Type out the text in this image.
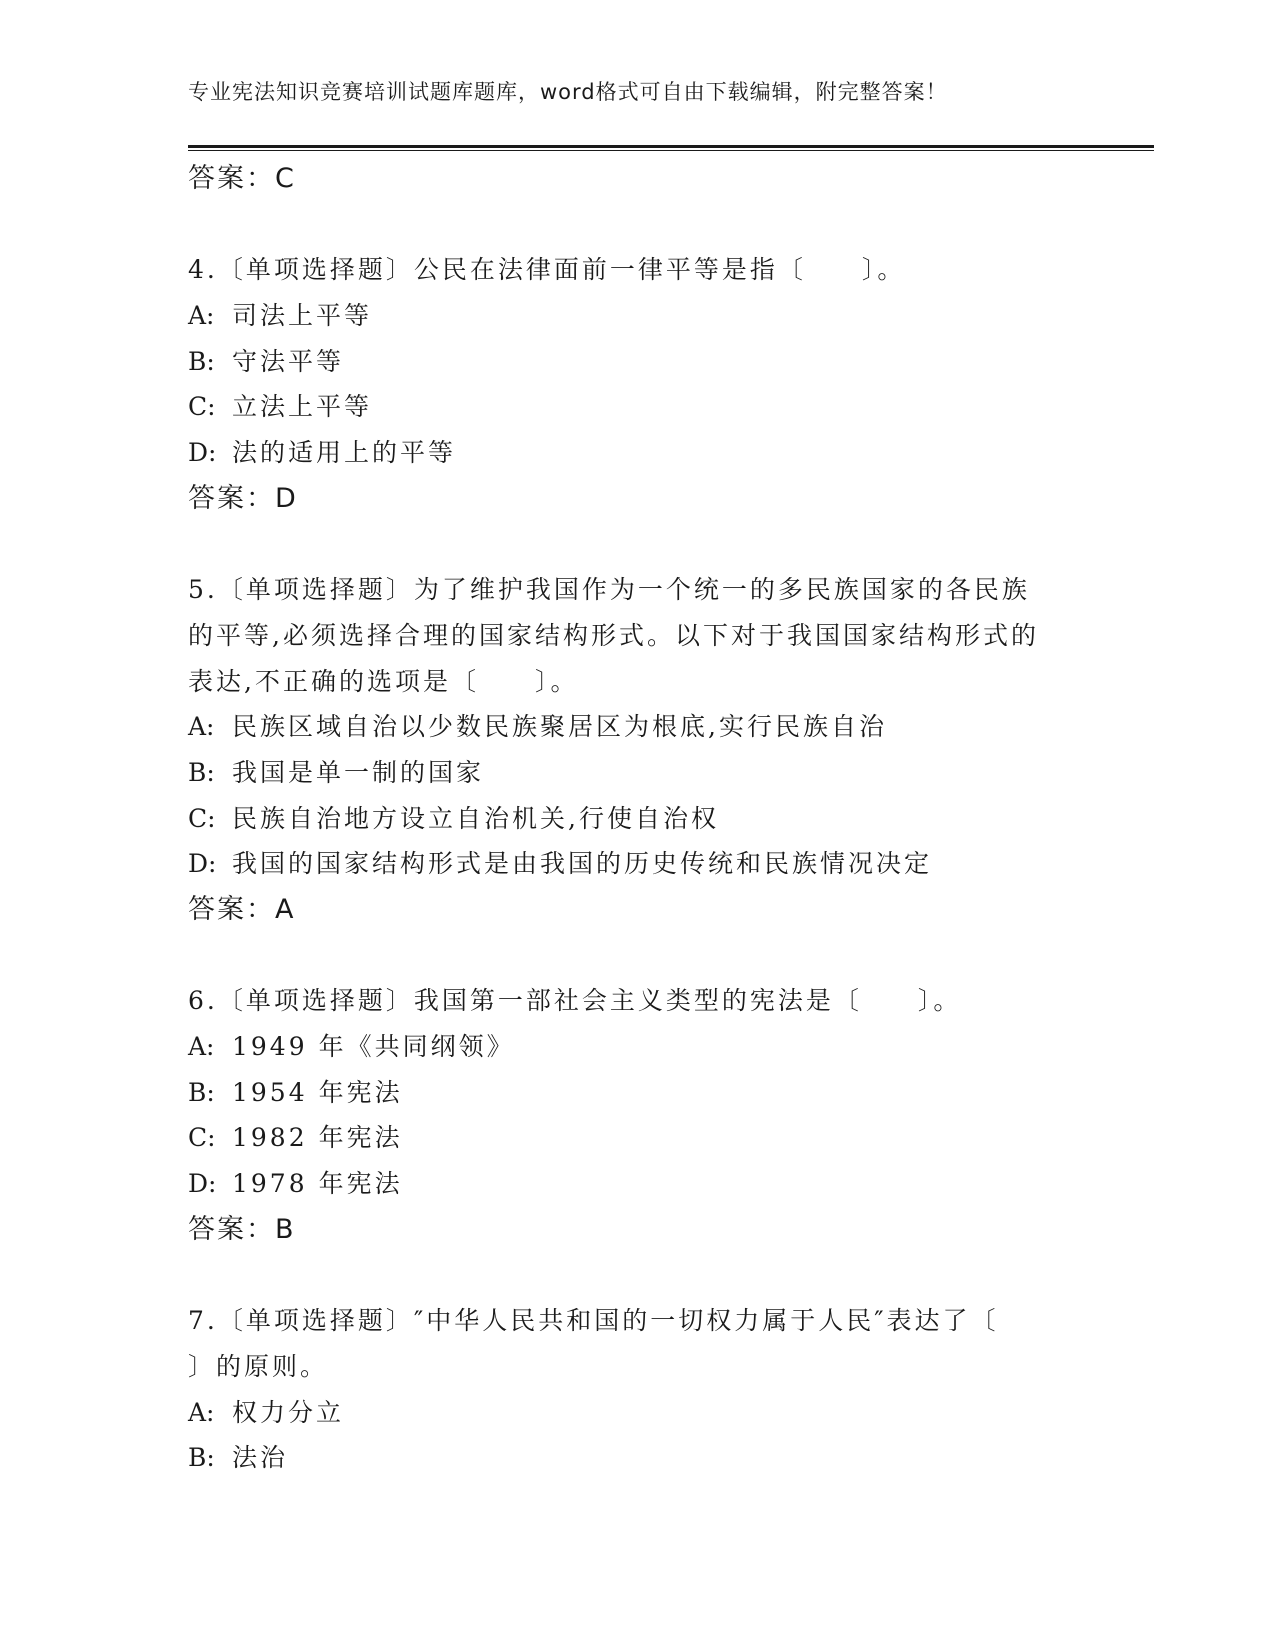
专业宪法知识竞赛培训试题库题库，word格式可自由下载编辑，附完整答案！
答案：C
4.〔单项选择题〕公民在法律面前一律平等是指〔　　〕。
A: 司法上平等
B: 守法平等
C: 立法上平等
D: 法的适用上的平等
答案：D
5.〔单项选择题〕为了维护我国作为一个统一的多民族国家的各民族
的平等,必须选择合理的国家结构形式。以下对于我国国家结构形式的
表达,不正确的选项是〔　　〕。
A: 民族区域自治以少数民族聚居区为根底,实行民族自治
B: 我国是单一制的国家
C: 民族自治地方设立自治机关,行使自治权
D: 我国的国家结构形式是由我国的历史传统和民族情况决定
答案：A
6.〔单项选择题〕我国第一部社会主义类型的宪法是〔　　〕。
A: 1949 年《共同纲领》
B: 1954 年宪法
C: 1982 年宪法
D: 1978 年宪法
答案：B
7.〔单项选择题〕″中华人民共和国的一切权力属于人民″表达了〔
〕的原则。
A: 权力分立
B: 法治
